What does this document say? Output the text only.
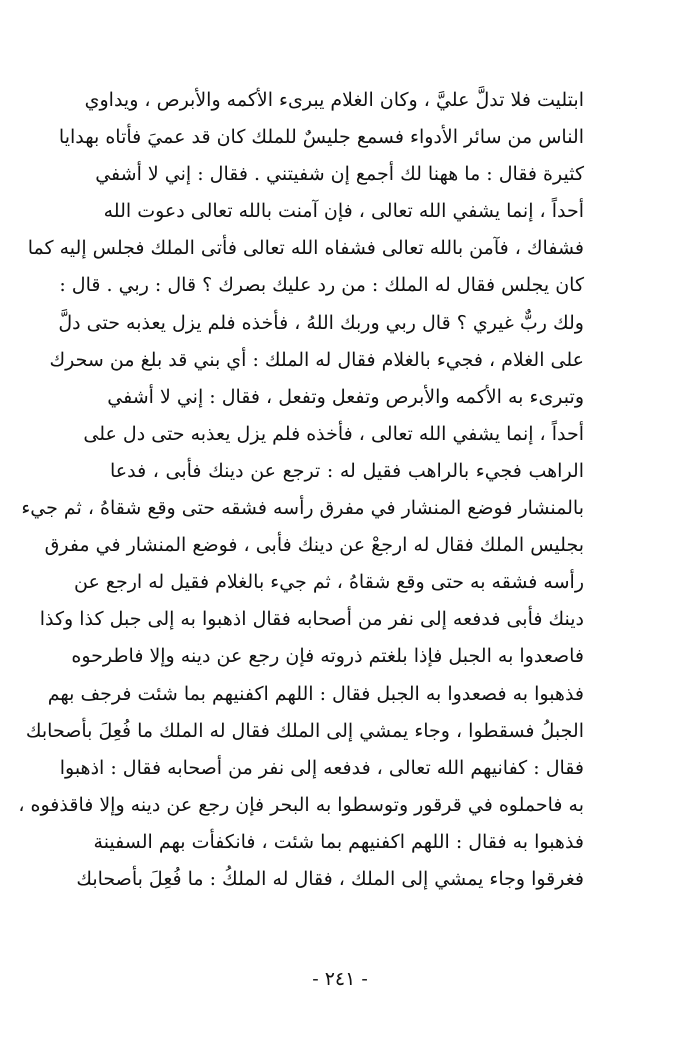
ابتليت فلا تدلَّ عليَّ ، وكان الغلام يبرىء الأكمه والأبرص ، ويداوي
الناس من سائر الأدواء فسمع جليسٌ للملك كان قد عميَ فأتاه بهدايا
كثيرة فقال : ما ههنا لك أجمع إن شفيتني . فقال : إني لا أشفي
أحداً ، إنما يشفي الله تعالى ، فإن آمنت بالله تعالى دعوت الله
فشفاك ، فآمن بالله تعالى فشفاه الله تعالى فأتى الملك فجلس إليه كما
كان يجلس فقال له الملك : من رد عليك بصرك ؟ قال : ربي . قال :
ولك ربٌّ غيري ؟ قال ربي وربك اللهُ ، فأخذه فلم يزل يعذبه حتى دلَّ
على الغلام ، فجيء بالغلام فقال له الملك : أي بني قد بلغ من سحرك
وتبرىء به الأكمه والأبرص وتفعل وتفعل ، فقال : إني لا أشفي
أحداً ، إنما يشفي الله تعالى ، فأخذه فلم يزل يعذبه حتى دل على
الراهب فجيء بالراهب فقيل له : ترجع عن دينك فأبى ، فدعا
بالمنشار فوضع المنشار في مفرق رأسه فشقه حتى وقع شقاهُ ، ثم جيء
بجليس الملك فقال له ارجعْ عن دينك فأبى ، فوضع المنشار في مفرق
رأسه فشقه به حتى وقع شقاهُ ، ثم جيء بالغلام فقيل له ارجع عن
دينك فأبى فدفعه إلى نفر من أصحابه فقال اذهبوا به إلى جبل كذا وكذا
فاصعدوا به الجبل فإذا بلغتم ذروته فإن رجع عن دينه وإلا فاطرحوه
فذهبوا به فصعدوا به الجبل فقال : اللهم اكفنيهم بما شئت فرجف بهم
الجبلُ فسقطوا ، وجاء يمشي إلى الملك فقال له الملك ما فُعِلَ بأصحابك
فقال : كفانيهم الله تعالى ، فدفعه إلى نفر من أصحابه فقال : اذهبوا
به فاحملوه في قرقور وتوسطوا به البحر فإن رجع عن دينه وإلا فاقذفوه ،
فذهبوا به فقال : اللهم اكفنيهم بما شئت ، فانكفأت بهم السفينة
فغرقوا وجاء يمشي إلى الملك ، فقال له الملكُ : ما فُعِلَ بأصحابك
- ٢٤١ -
